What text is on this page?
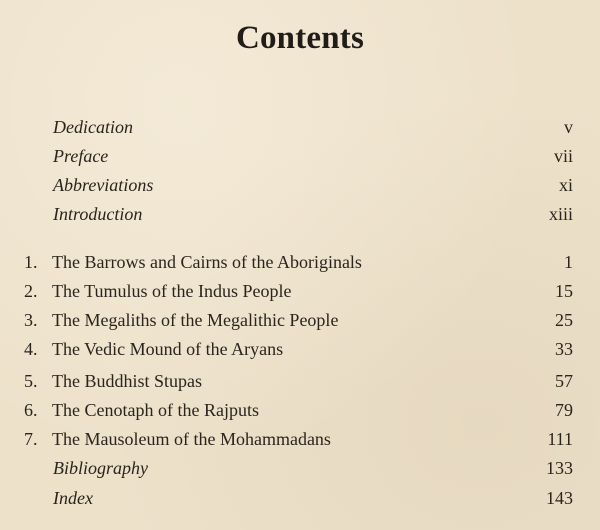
Contents
Dedication	v
Preface	vii
Abbreviations	xi
Introduction	xiii
1. The Barrows and Cairns of the Aboriginals	1
2. The Tumulus of the Indus People	15
3. The Megaliths of the Megalithic People	25
4. The Vedic Mound of the Aryans	33
5. The Buddhist Stupas	57
6. The Cenotaph of the Rajputs	79
7. The Mausoleum of the Mohammadans	111
Bibliography	133
Index	143
